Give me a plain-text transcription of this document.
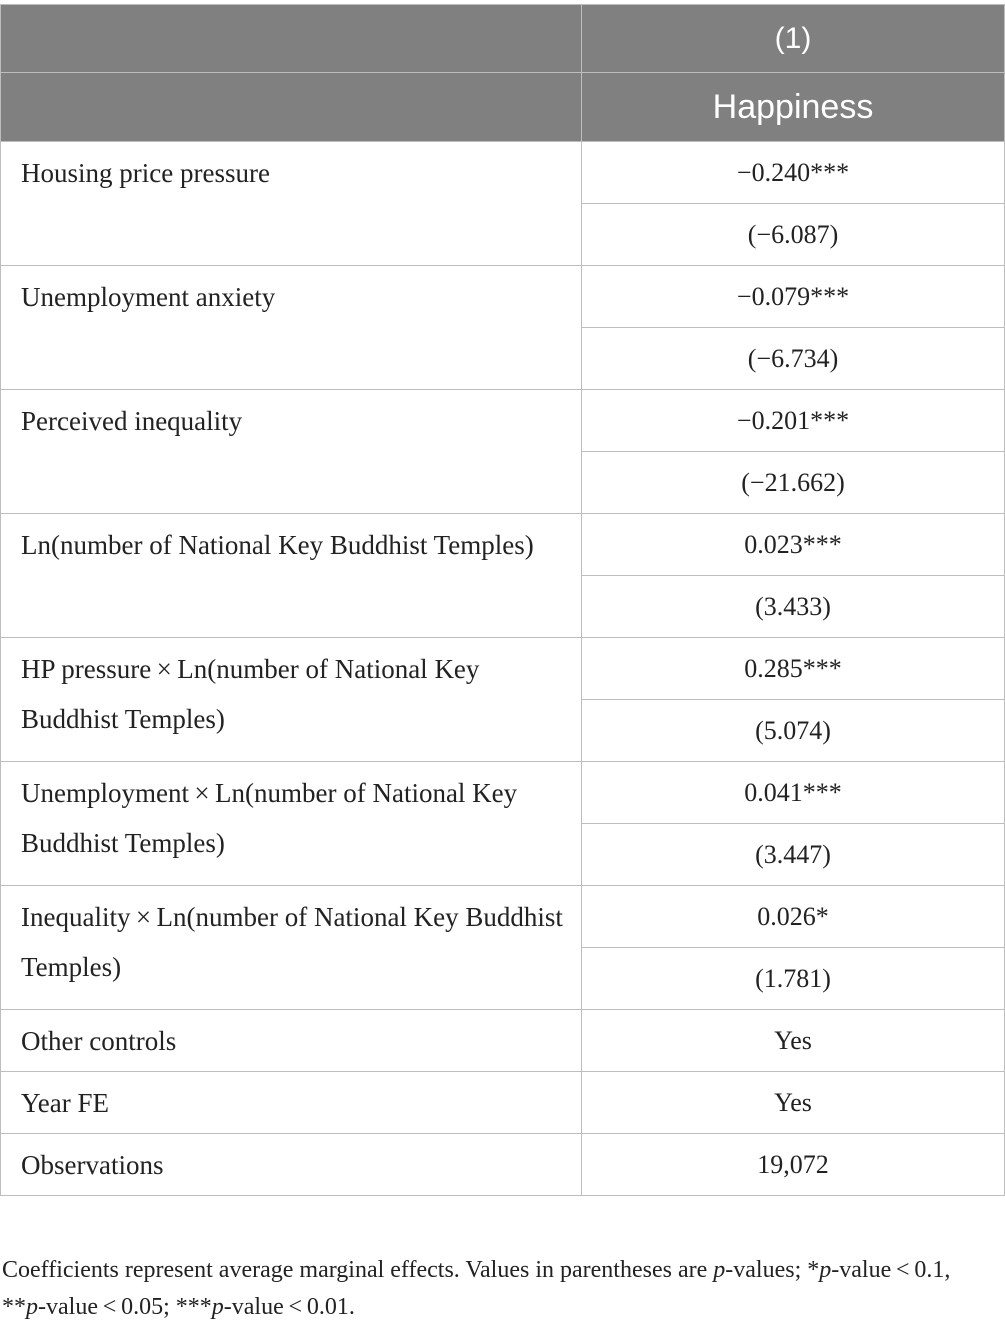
	(1)
	Happiness
Housing price pressure	−0.240***
	(−6.087)
Unemployment anxiety	−0.079***
	(−6.734)
Perceived inequality	−0.201***
	(−21.662)
Ln(number of National Key Buddhist Temples)	0.023***
	(3.433)
HP pressure × Ln(number of National Key Buddhist Temples)	0.285***
	(5.074)
Unemployment × Ln(number of National Key Buddhist Temples)	0.041***
	(3.447)
Inequality × Ln(number of National Key Buddhist Temples)	0.026*
	(1.781)
Other controls	Yes
Year FE	Yes
Observations	19,072
Coefficients represent average marginal effects. Values in parentheses are p-values; *p-value < 0.1, **p-value < 0.05; ***p-value < 0.01.
